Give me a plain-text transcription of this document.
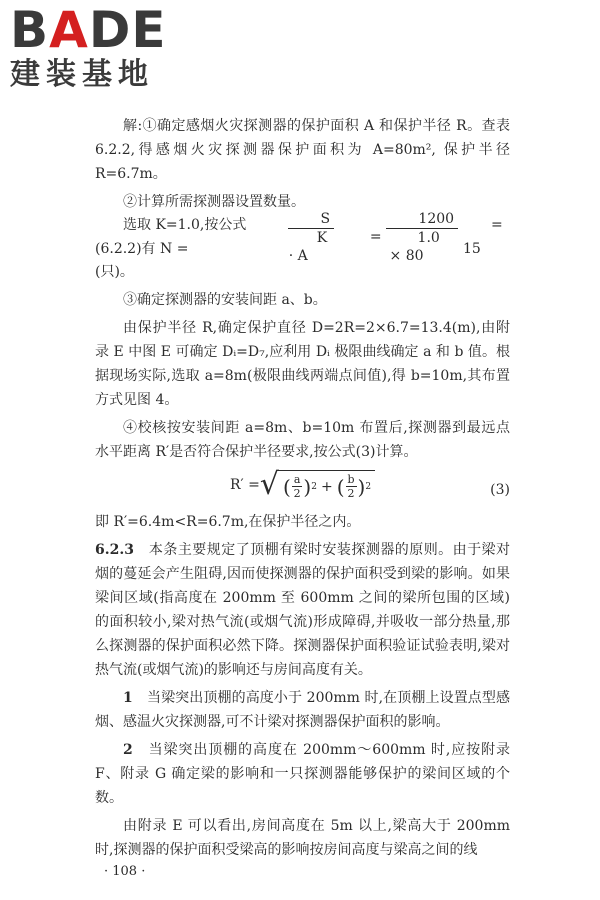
BADE
建装基地

解:①确定感烟火灾探测器的保护面积 A 和保护半径 R。查表 6.2.2,得感烟火灾探测器保护面积为 A=80m², 保护半径 R=6.7m。

②计算所需探测器设置数量。

选取 K=1.0,按公式(6.2.2)有 N =	$\frac{S}{K \cdot A}$	= $\frac{1200}{1.0 \times 80}$	= 15

(只)。

③确定探测器的安装间距 a、b。

由保护半径 R,确定保护直径 D=2R=2×6.7=13.4(m),由附录 E 中图 E 可确定 Dᵢ=D₇,应利用 Dᵢ 极限曲线确定 a 和 b 值。根据现场实际,选取 a=8m(极限曲线两端点间值),得 b=10m,其布置方式见图 4。

④校核按安装间距 a=8m、b=10m 布置后,探测器到最远点水平距离 R′是否符合保护半径要求,按公式(3)计算。

R′ = √ ( $\frac{a}{2}$ ) 2 + ( $\frac{b}{2}$ ) 2	(3)

即 R′=6.4m<R=6.7m,在保护半径之内。

6.2.3　 本条主要规定了顶棚有梁时安装探测器的原则。由于梁对烟的蔓延会产生阻碍,因而使探测器的保护面积受到梁的影响。如果梁间区域(指高度在 200mm 至 600mm 之间的梁所包围的区域)的面积较小,梁对热气流(或烟气流)形成障碍,并吸收一部分热量,那么探测器的保护面积必然下降。探测器保护面积验证试验表明,梁对热气流(或烟气流)的影响还与房间高度有关。

1　 当梁突出顶棚的高度小于 200mm 时,在顶棚上设置点型感烟、感温火灾探测器,可不计梁对探测器保护面积的影响。

2　 当梁突出顶棚的高度在 200mm～600mm 时,应按附录 F、附录 G 确定梁的影响和一只探测器能够保护的梁间区域的个数。

由附录 E 可以看出,房间高度在 5m 以上,梁高大于 200mm 时,探测器的保护面积受梁高的影响按房间高度与梁高之间的线

· 108 ·
